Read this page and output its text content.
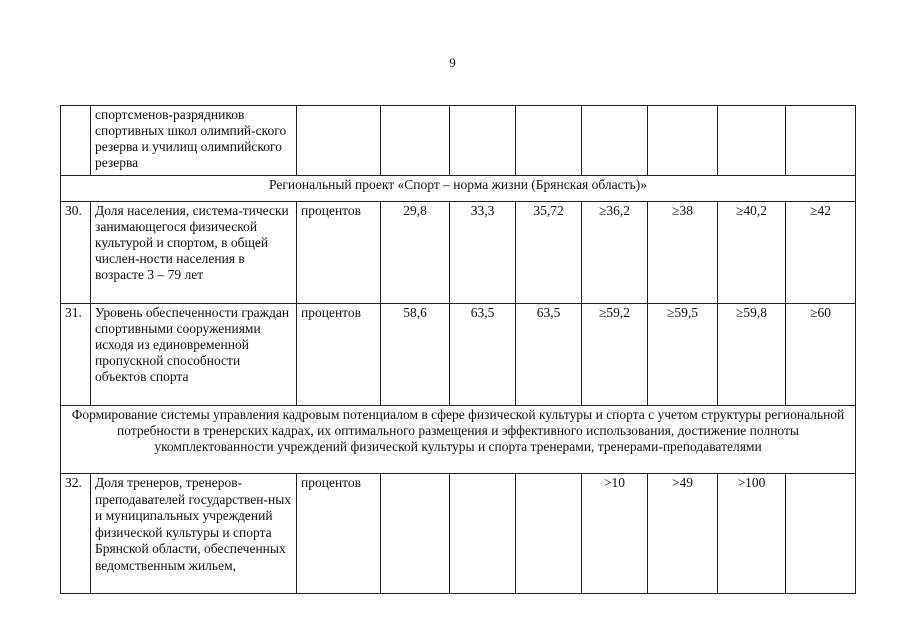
9
	спортсменов-разрядников спортивных школ олимпий-ского резерва и училищ олимпийского резерва								
Региональный проект «Спорт – норма жизни (Брянская область)»									
30.	Доля населения, системa-тически занимающегося физической культурой и спортом, в общей числен-ности населения в возрасте 3 – 79 лет	процентов	29,8	33,3	35,72	≥36,2	≥38	≥40,2	≥42
31.	Уровень обеспеченности граждан спортивными сооружениями исходя из единовременной пропускной способности объектов спорта	процентов	58,6	63,5	63,5	≥59,2	≥59,5	≥59,8	≥60
Формирование системы управления кадровым потенциалом в сфере физической культуры и спорта с учетом структуры региональной потребности в тренерских кадрах, их оптимального размещения и эффективного использования, достижение полноты укомплектованности учреждений физической культуры и спорта тренерами, тренерами-преподавателями									
32.	Доля тренеров, тренеров-преподавателей государствен-ных и муниципальных учреждений физической культуры и спорта Брянской области, обеспеченных ведомственным жильем,	процентов				>10	>49	>100	
